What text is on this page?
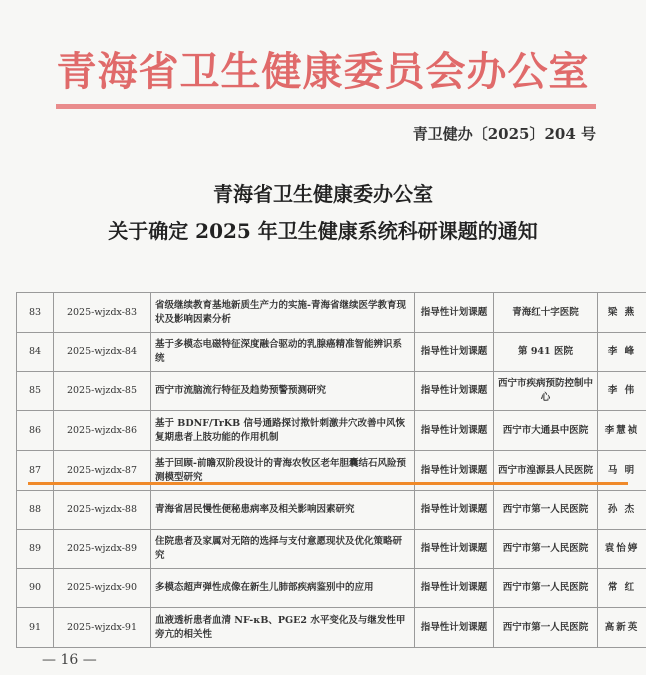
青海省卫生健康委员会办公室
青卫健办〔2025〕204 号
青海省卫生健康委办公室
关于确定 2025 年卫生健康系统科研课题的通知
83	2025-wjzdx-83	省级继续教育基地新质生产力的实施-青海省继续医学教育现状及影响因素分析	指导性计划课题	青海红十字医院	梁 燕
84	2025-wjzdx-84	基于多模态电磁特征深度融合驱动的乳腺癌精准智能辨识系统	指导性计划课题	第 941 医院	李 峰
85	2025-wjzdx-85	西宁市流脑流行特征及趋势预警预测研究	指导性计划课题	西宁市疾病预防控制中心	李 伟
86	2025-wjzdx-86	基于 BDNF/TrKB 信号通路探讨揿针刺激井穴改善中风恢复期患者上肢功能的作用机制	指导性计划课题	西宁市大通县中医院	李慧祯
87	2025-wjzdx-87	基于回顾-前瞻双阶段设计的青海农牧区老年胆囊结石风险预测模型研究	指导性计划课题	西宁市湟源县人民医院	马 明
88	2025-wjzdx-88	青海省居民慢性便秘患病率及相关影响因素研究	指导性计划课题	西宁市第一人民医院	孙 杰
89	2025-wjzdx-89	住院患者及家属对无陪的选择与支付意愿现状及优化策略研究	指导性计划课题	西宁市第一人民医院	袁怡婷
90	2025-wjzdx-90	多模态超声弹性成像在新生儿肺部疾病鉴别中的应用	指导性计划课题	西宁市第一人民医院	常 红
91	2025-wjzdx-91	血液透析患者血清 NF-κB、PGE2 水平变化及与继发性甲旁亢的相关性	指导性计划课题	西宁市第一人民医院	高新英
— 16 —
